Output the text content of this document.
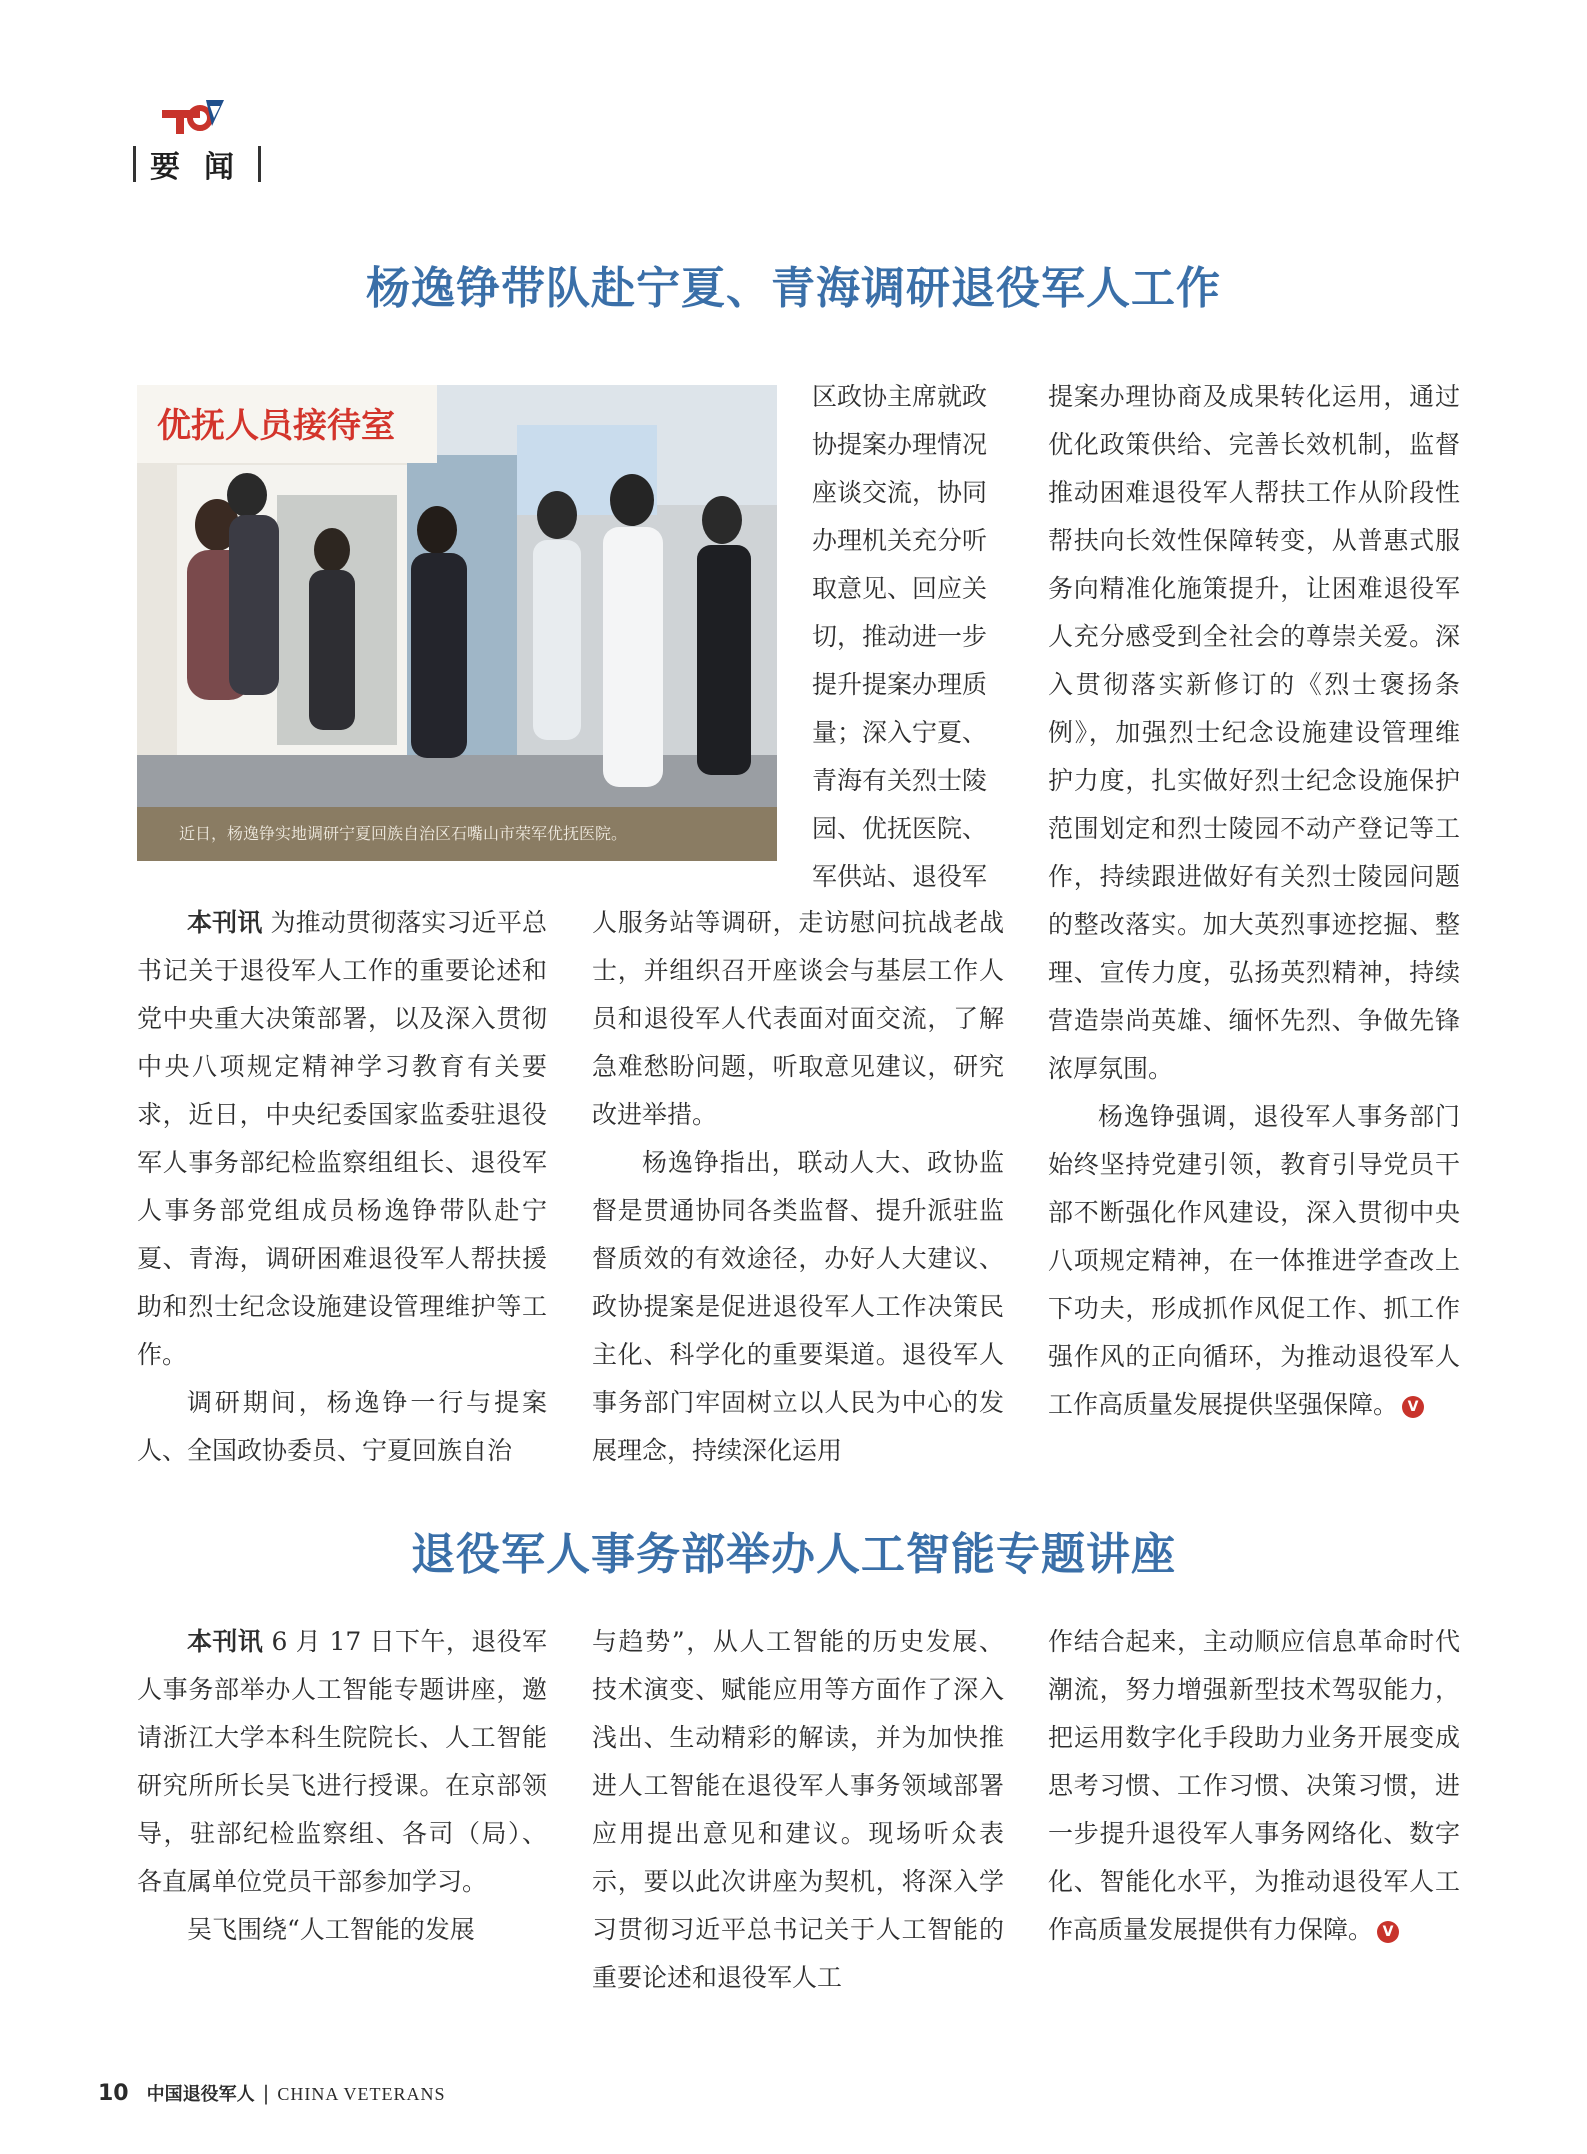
要闻
杨逸铮带队赴宁夏、青海调研退役军人工作
优抚人员接待室
近日，杨逸铮实地调研宁夏回族自治区石嘴山市荣军优抚医院。
区政协主席就政
协提案办理情况
座谈交流，协同
办理机关充分听
取意见、回应关
切，推动进一步
提升提案办理质
量；深入宁夏、
青海有关烈士陵
园、优抚医院、
军供站、退役军

本刊讯 为推动贯彻落实习近平总书记关于退役军人工作的重要论述和党中央重大决策部署，以及深入贯彻中央八项规定精神学习教育有关要求，近日，中央纪委国家监委驻退役军人事务部纪检监察组组长、退役军人事务部党组成员杨逸铮带队赴宁夏、青海，调研困难退役军人帮扶援助和烈士纪念设施建设管理维护等工作。

调研期间，杨逸铮一行与提案人、全国政协委员、宁夏回族自治

人服务站等调研，走访慰问抗战老战士，并组织召开座谈会与基层工作人员和退役军人代表面对面交流，了解急难愁盼问题，听取意见建议，研究改进举措。

杨逸铮指出，联动人大、政协监督是贯通协同各类监督、提升派驻监督质效的有效途径，办好人大建议、政协提案是促进退役军人工作决策民主化、科学化的重要渠道。退役军人事务部门牢固树立以人民为中心的发展理念，持续深化运用

提案办理协商及成果转化运用，通过优化政策供给、完善长效机制，监督推动困难退役军人帮扶工作从阶段性帮扶向长效性保障转变，从普惠式服务向精准化施策提升，让困难退役军人充分感受到全社会的尊崇关爱。深入贯彻落实新修订的《烈士褒扬条例》，加强烈士纪念设施建设管理维护力度，扎实做好烈士纪念设施保护范围划定和烈士陵园不动产登记等工作，持续跟进做好有关烈士陵园问题的整改落实。加大英烈事迹挖掘、整理、宣传力度，弘扬英烈精神，持续营造崇尚英雄、缅怀先烈、争做先锋浓厚氛围。

杨逸铮强调，退役军人事务部门始终坚持党建引领，教育引导党员干部不断强化作风建设，深入贯彻中央八项规定精神，在一体推进学查改上下功夫，形成抓作风促工作、抓工作强作风的正向循环，为推动退役军人工作高质量发展提供坚强保障。 V

退役军人事务部举办人工智能专题讲座

本刊讯 6 月 17 日下午，退役军人事务部举办人工智能专题讲座，邀请浙江大学本科生院院长、人工智能研究所所长吴飞进行授课。在京部领导，驻部纪检监察组、各司（局）、各直属单位党员干部参加学习。

吴飞围绕“人工智能的发展

与趋势”，从人工智能的历史发展、技术演变、赋能应用等方面作了深入浅出、生动精彩的解读，并为加快推进人工智能在退役军人事务领域部署应用提出意见和建议。现场听众表示，要以此次讲座为契机，将深入学习贯彻习近平总书记关于人工智能的重要论述和退役军人工

作结合起来，主动顺应信息革命时代潮流，努力增强新型技术驾驭能力，把运用数字化手段助力业务开展变成思考习惯、工作习惯、决策习惯，进一步提升退役军人事务网络化、数字化、智能化水平，为推动退役军人工作高质量发展提供有力保障。 V

10 中国退役军人 | CHINA VETERANS
